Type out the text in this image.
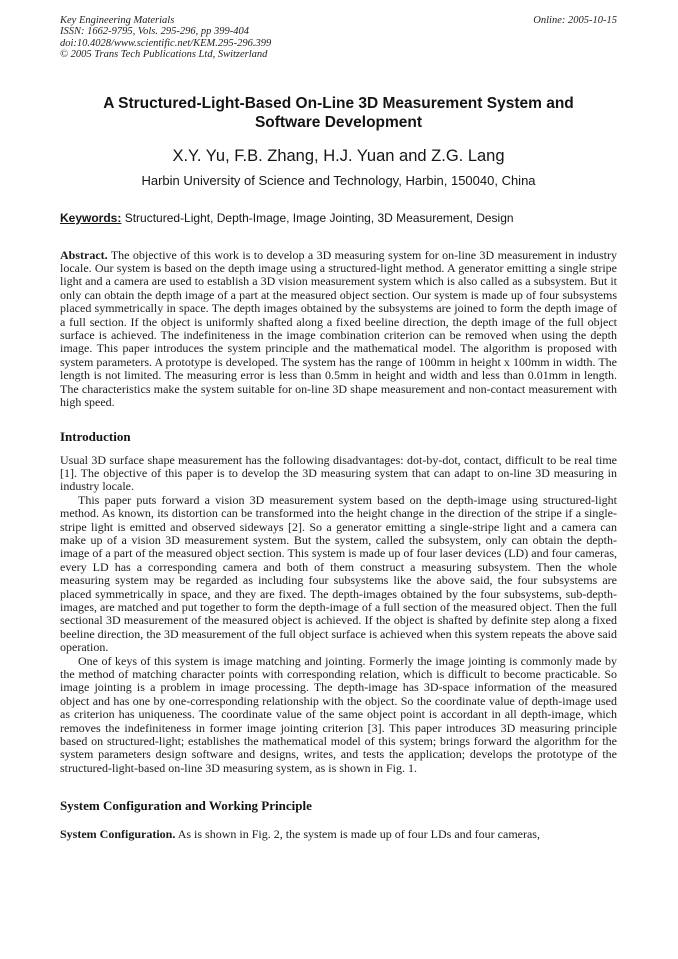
Key Engineering Materials
ISSN: 1662-9795, Vols. 295-296, pp 399-404
doi:10.4028/www.scientific.net/KEM.295-296.399
© 2005 Trans Tech Publications Ltd, Switzerland
Online: 2005-10-15
A Structured-Light-Based On-Line 3D Measurement System and Software Development
X.Y. Yu, F.B. Zhang, H.J. Yuan and Z.G. Lang
Harbin University of Science and Technology, Harbin, 150040, China
Keywords: Structured-Light, Depth-Image, Image Jointing, 3D Measurement, Design

Abstract. The objective of this work is to develop a 3D measuring system for on-line 3D measurement in industry locale. Our system is based on the depth image using a structured-light method. A generator emitting a single stripe light and a camera are used to establish a 3D vision measurement system which is also called as a subsystem. But it only can obtain the depth image of a part at the measured object section. Our system is made up of four subsystems placed symmetrically in space. The depth images obtained by the subsystems are joined to form the depth image of a full section. If the object is uniformly shafted along a fixed beeline direction, the depth image of the full object surface is achieved. The indefiniteness in the image combination criterion can be removed when using the depth image. This paper introduces the system principle and the mathematical model. The algorithm is proposed with system parameters. A prototype is developed. The system has the range of 100mm in height x 100mm in width. The length is not limited. The measuring error is less than 0.5mm in height and width and less than 0.01mm in length. The characteristics make the system suitable for on-line 3D shape measurement and non-contact measurement with high speed.

Introduction

Usual 3D surface shape measurement has the following disadvantages: dot-by-dot, contact, difficult to be real time [1]. The objective of this paper is to develop the 3D measuring system that can adapt to on-line 3D measuring in industry locale.

This paper puts forward a vision 3D measurement system based on the depth-image using structured-light method. As known, its distortion can be transformed into the height change in the direction of the stripe if a single-stripe light is emitted and observed sideways [2]. So a generator emitting a single-stripe light and a camera can make up of a vision 3D measurement system. But the system, called the subsystem, only can obtain the depth-image of a part of the measured object section. This system is made up of four laser devices (LD) and four cameras, every LD has a corresponding camera and both of them construct a measuring subsystem. Then the whole measuring system may be regarded as including four subsystems like the above said, the four subsystems are placed symmetrically in space, and they are fixed. The depth-images obtained by the four subsystems, sub-depth-images, are matched and put together to form the depth-image of a full section of the measured object. Then the full sectional 3D measurement of the measured object is achieved. If the object is shafted by definite step along a fixed beeline direction, the 3D measurement of the full object surface is achieved when this system repeats the above said operation.

One of keys of this system is image matching and jointing. Formerly the image jointing is commonly made by the method of matching character points with corresponding relation, which is difficult to become practicable. So image jointing is a problem in image processing. The depth-image has 3D-space information of the measured object and has one by one-corresponding relationship with the object. So the coordinate value of depth-image used as criterion has uniqueness. The coordinate value of the same object point is accordant in all depth-image, which removes the indefiniteness in former image jointing criterion [3]. This paper introduces 3D measuring principle based on structured-light; establishes the mathematical model of this system; brings forward the algorithm for the system parameters design software and designs, writes, and tests the application; develops the prototype of the structured-light-based on-line 3D measuring system, as is shown in Fig. 1.

System Configuration and Working Principle

System Configuration. As is shown in Fig. 2, the system is made up of four LDs and four cameras,
